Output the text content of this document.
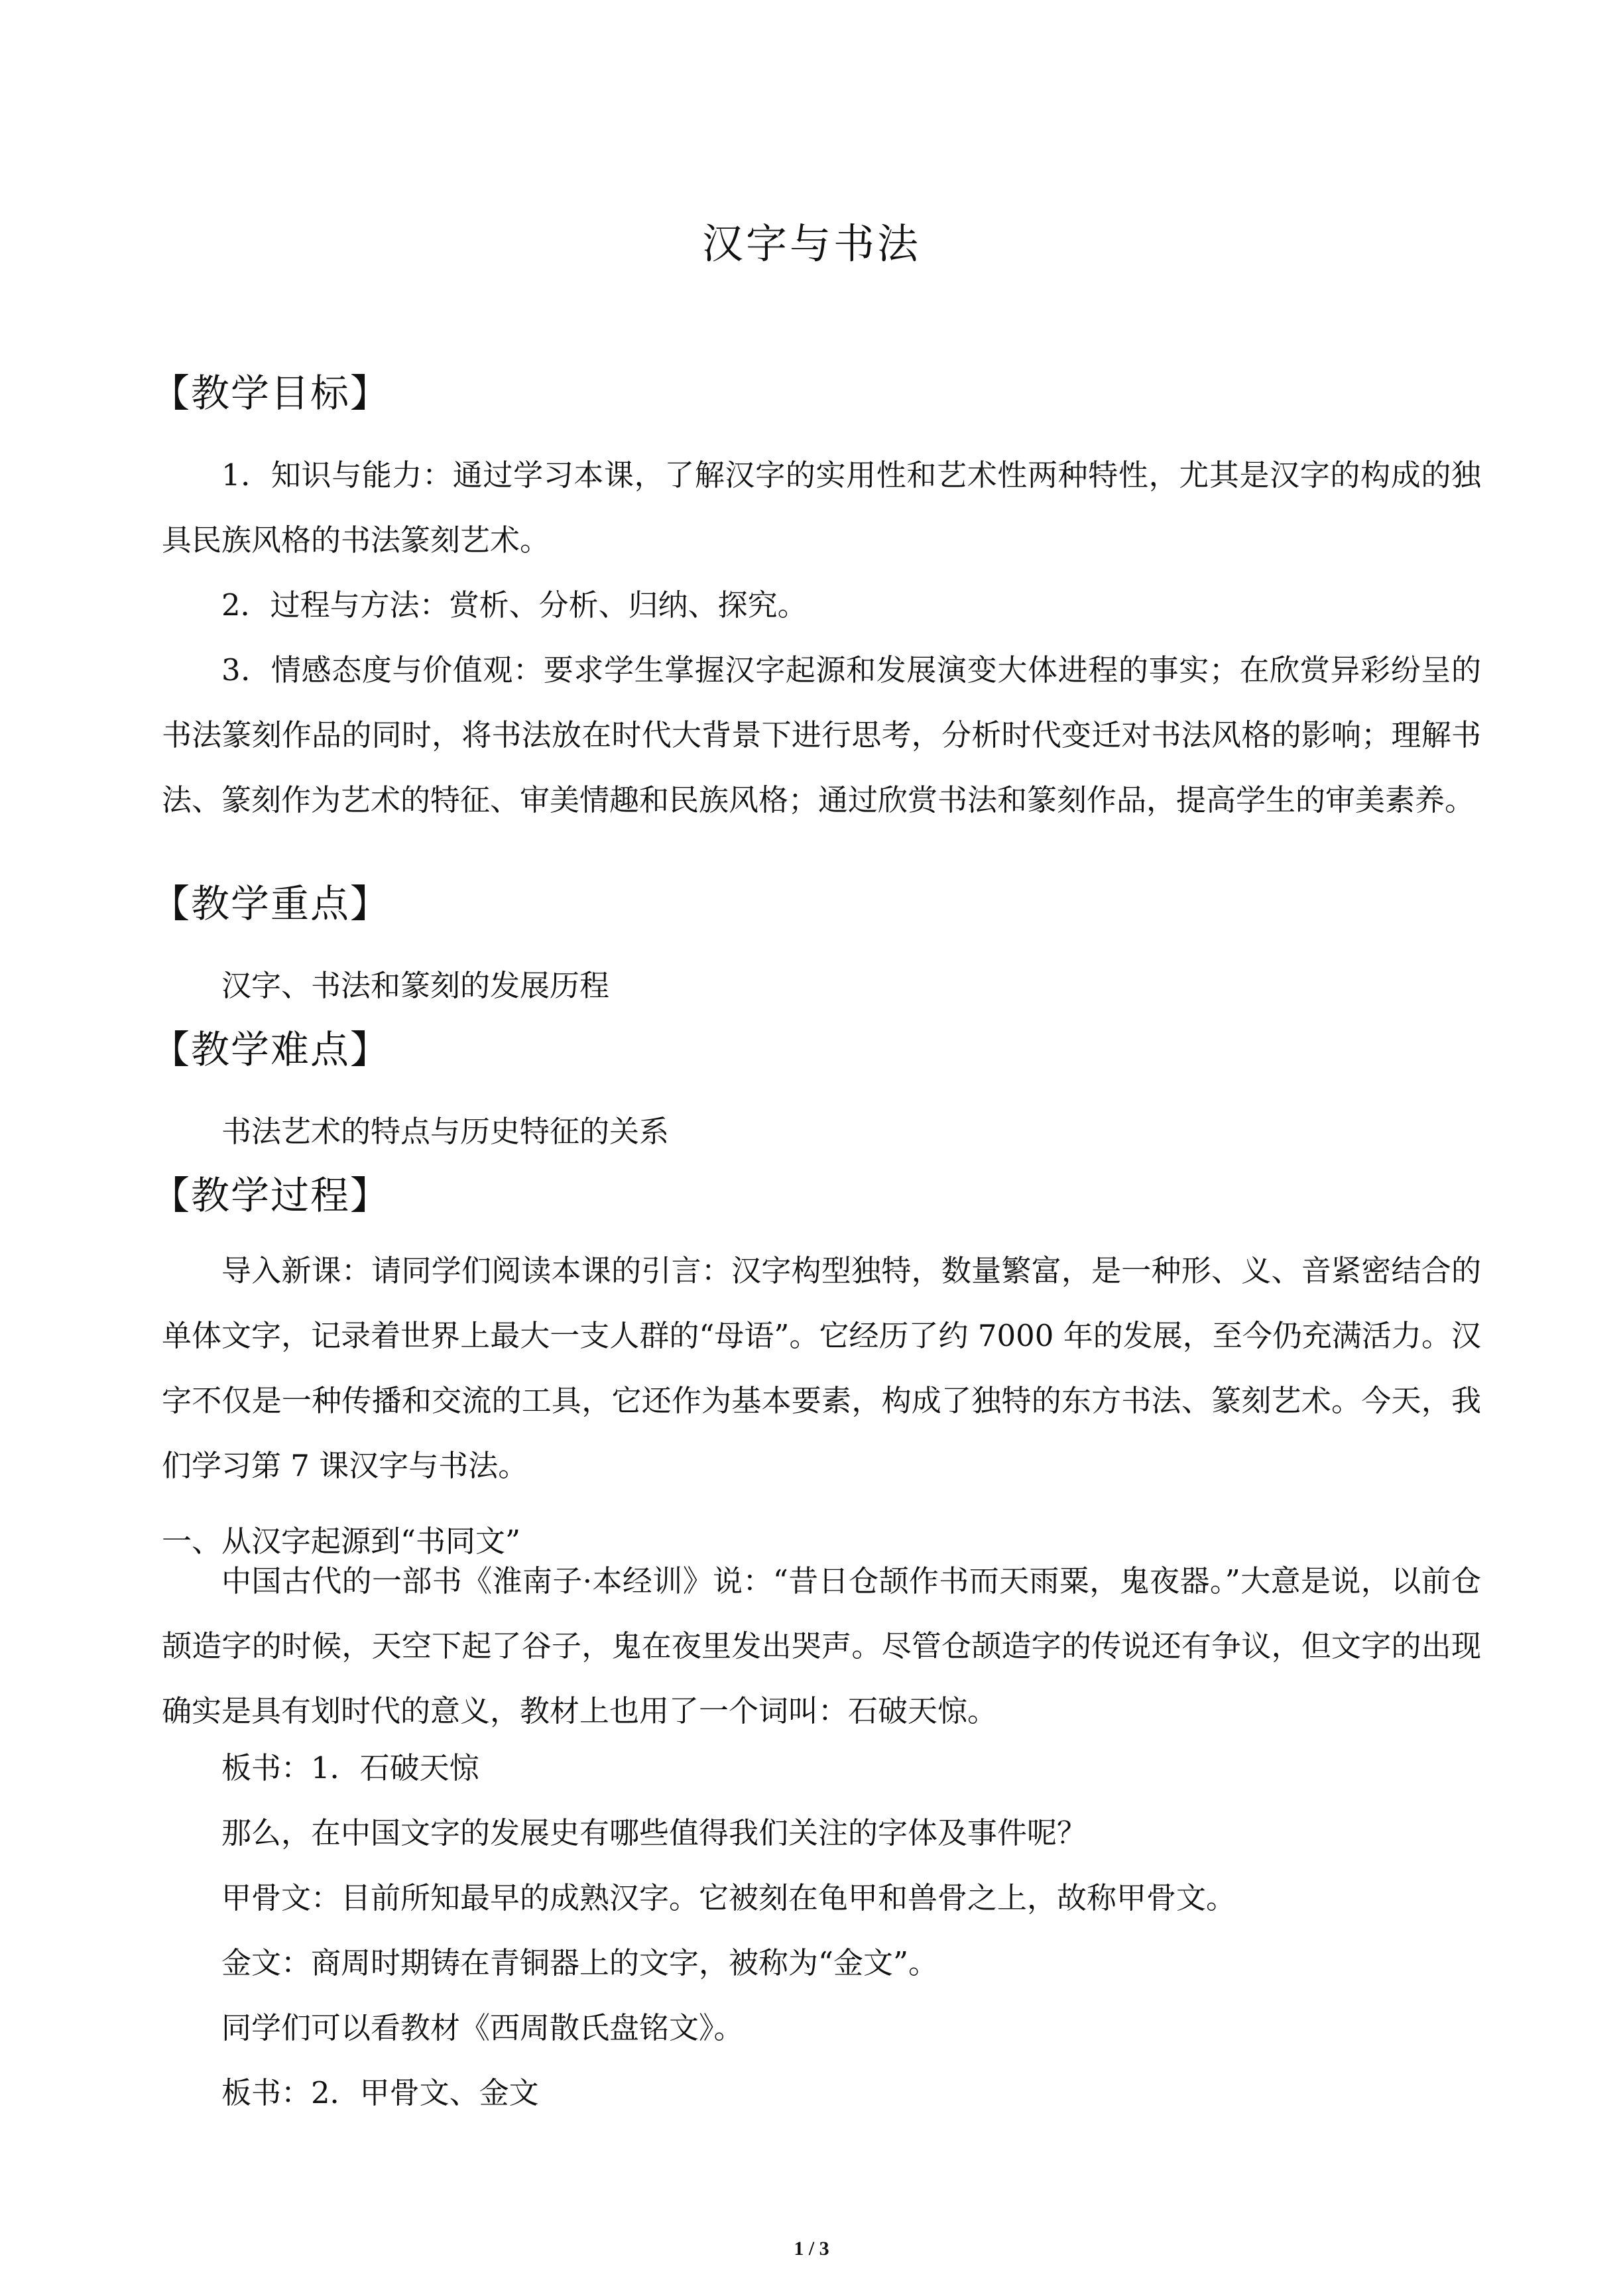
汉字与书法
【教学目标】
1．知识与能力：通过学习本课，了解汉字的实用性和艺术性两种特性，尤其是汉字的构成的独具民族风格的书法篆刻艺术。
2．过程与方法：赏析、分析、归纳、探究。
3．情感态度与价值观：要求学生掌握汉字起源和发展演变大体进程的事实；在欣赏异彩纷呈的书法篆刻作品的同时，将书法放在时代大背景下进行思考，分析时代变迁对书法风格的影响；理解书法、篆刻作为艺术的特征、审美情趣和民族风格；通过欣赏书法和篆刻作品，提高学生的审美素养。
【教学重点】
汉字、书法和篆刻的发展历程
【教学难点】
书法艺术的特点与历史特征的关系
【教学过程】
导入新课：请同学们阅读本课的引言：汉字构型独特，数量繁富，是一种形、义、音紧密结合的单体文字，记录着世界上最大一支人群的“母语”。它经历了约 7000 年的发展，至今仍充满活力。汉字不仅是一种传播和交流的工具，它还作为基本要素，构成了独特的东方书法、篆刻艺术。今天，我们学习第 7 课汉字与书法。
一、从汉字起源到“书同文”
中国古代的一部书《淮南子·本经训》说：“昔日仓颉作书而天雨粟，鬼夜器。”大意是说，以前仓颉造字的时候，天空下起了谷子，鬼在夜里发出哭声。尽管仓颉造字的传说还有争议，但文字的出现确实是具有划时代的意义，教材上也用了一个词叫：石破天惊。
板书：1．石破天惊
那么，在中国文字的发展史有哪些值得我们关注的字体及事件呢？
甲骨文：目前所知最早的成熟汉字。它被刻在龟甲和兽骨之上，故称甲骨文。
金文：商周时期铸在青铜器上的文字，被称为“金文”。
同学们可以看教材《西周散氏盘铭文》。
板书：2．甲骨文、金文
1 / 3
